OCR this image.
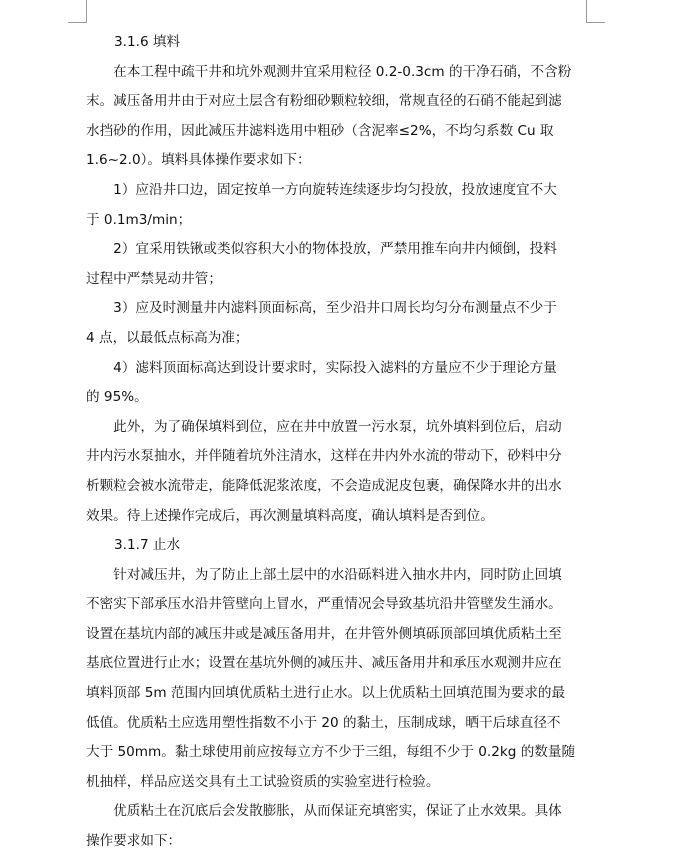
3.1.6 填料
　　在本工程中疏干井和坑外观测井宜采用粒径 0.2-0.3cm 的干净石硝，不含粉
末。减压备用井由于对应土层含有粉细砂颗粒较细，常规直径的石硝不能起到滤
水挡砂的作用，因此减压井滤料选用中粗砂（含泥率≤2%，不均匀系数 Cu 取
1.6~2.0）。填料具体操作要求如下：
　　1）应沿井口边，固定按单一方向旋转连续逐步均匀投放，投放速度宜不大
于 0.1m3/min；
　　2）宜采用铁锹或类似容积大小的物体投放，严禁用推车向井内倾倒，投料
过程中严禁晃动井管；
　　3）应及时测量井内滤料顶面标高，至少沿井口周长均匀分布测量点不少于
4 点，以最低点标高为准；
　　4）滤料顶面标高达到设计要求时，实际投入滤料的方量应不少于理论方量
的 95%。
　　此外，为了确保填料到位，应在井中放置一污水泵，坑外填料到位后，启动
井内污水泵抽水，并伴随着坑外注清水，这样在井内外水流的带动下，砂料中分
析颗粒会被水流带走，能降低泥浆浓度，不会造成泥皮包裹，确保降水井的出水
效果。待上述操作完成后，再次测量填料高度，确认填料是否到位。
3.1.7 止水
　　针对减压井，为了防止上部土层中的水沿砾料进入抽水井内，同时防止回填
不密实下部承压水沿井管壁向上冒水，严重情况会导致基坑沿井管壁发生涌水。
设置在基坑内部的减压井或是减压备用井，在井管外侧填砾顶部回填优质粘土至
基底位置进行止水；设置在基坑外侧的减压井、减压备用井和承压水观测井应在
填料顶部 5m 范围内回填优质粘土进行止水。以上优质粘土回填范围为要求的最
低值。优质粘土应选用塑性指数不小于 20 的黏土，压制成球，晒干后球直径不
大于 50mm。黏土球使用前应按每立方不少于三组，每组不少于 0.2kg 的数量随
机抽样，样品应送交具有土工试验资质的实验室进行检验。
　　优质粘土在沉底后会发散膨胀，从而保证充填密实，保证了止水效果。具体
操作要求如下：
